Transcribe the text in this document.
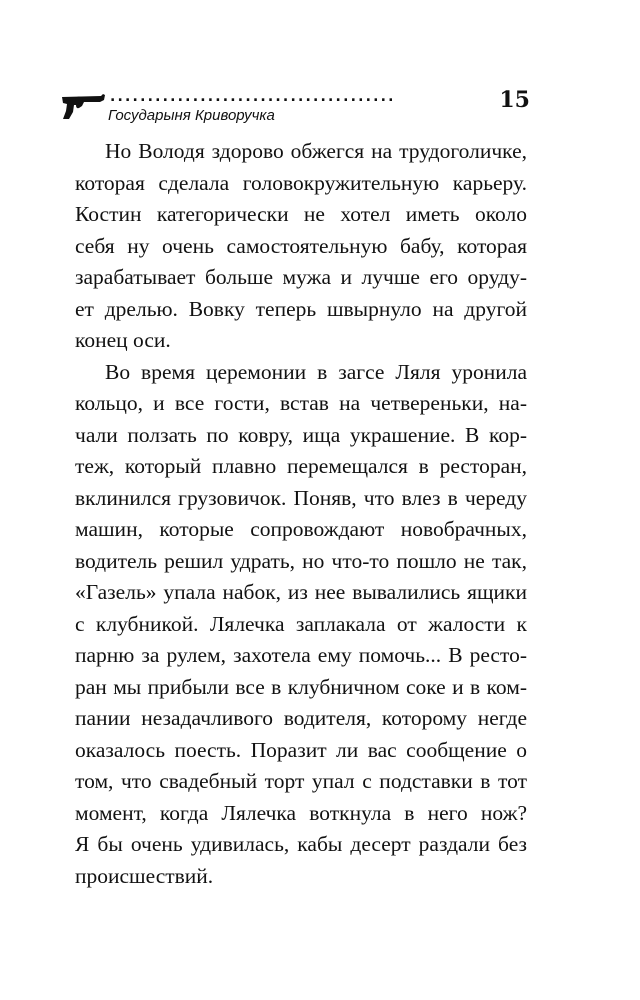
......................................	15
Государыня Криворучка

Но Володя здорово обжегся на трудоголичке,
которая сделала головокружительную карьеру.
Костин категорически не хотел иметь около
себя ну очень самостоятельную бабу, которая
зарабатывает больше мужа и лучше его оруду-
ет дрелью. Вовку теперь швырнуло на другой
конец оси.

Во время церемонии в загсе Ляля уронила
кольцо, и все гости, встав на четвереньки, на-
чали ползать по ковру, ища украшение. В кор-
теж, который плавно перемещался в ресторан,
вклинился грузовичок. Поняв, что влез в череду
машин, которые сопровождают новобрачных,
водитель решил удрать, но что-то пошло не так,
«Газель» упала набок, из нее вывалились ящики
с клубникой. Лялечка заплакала от жалости к
парню за рулем, захотела ему помочь... В ресто-
ран мы прибыли все в клубничном соке и в ком-
пании незадачливого водителя, которому негде
оказалось поесть. Поразит ли вас сообщение о
том, что свадебный торт упал с подставки в тот
момент, когда Лялечка воткнула в него нож?
Я бы очень удивилась, кабы десерт раздали без
происшествий.
